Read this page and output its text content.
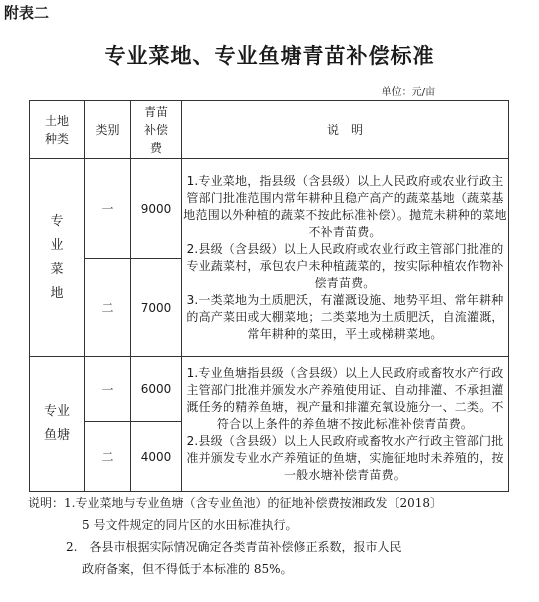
附表二
专业菜地、专业鱼塘青苗补偿标准
单位：元/亩
土地种类	类别	青苗补偿费	说　明

专业菜地	一	9000	1.专业菜地，指县级（含县级）以上人民政府或农业行政主管部门批准范围内常年耕种且稳产高产的蔬菜基地（蔬菜基地范围以外种植的蔬菜不按此标准补偿）。抛荒未耕种的菜地不补青苗费。

2.县级（含县级）以上人民政府或农业行政主管部门批准的专业蔬菜村，承包农户未种植蔬菜的，按实际种植农作物补偿青苗费。

3.一类菜地为土质肥沃，有灌溉设施、地势平坦、常年耕种的高产菜田或大棚菜地；二类菜地为土质肥沃，自流灌溉，常年耕种的菜田，平土或梯耕菜地。

	二	7000	

专业鱼塘	一	6000	1.专业鱼塘指县级（含县级）以上人民政府或畜牧水产行政主管部门批准并颁发水产养殖使用证、自动排灌、不承担灌溉任务的精养鱼塘，视产量和排灌充氧设施分一、二类。不符合以上条件的养鱼塘不按此标准补偿青苗费。

2.县级（含县级）以上人民政府或畜牧水产行政主管部门批准并颁发专业水产养殖证的鱼塘，实施征地时未养殖的，按一般水塘补偿青苗费。

	二	4000	
说明：1.专业菜地与专业鱼塘（含专业鱼池）的征地补偿费按湘政发〔2018〕
5 号文件规定的同片区的水田标准执行。
2.　各县市根据实际情况确定各类青苗补偿修正系数，报市人民
政府备案，但不得低于本标准的 85%。
